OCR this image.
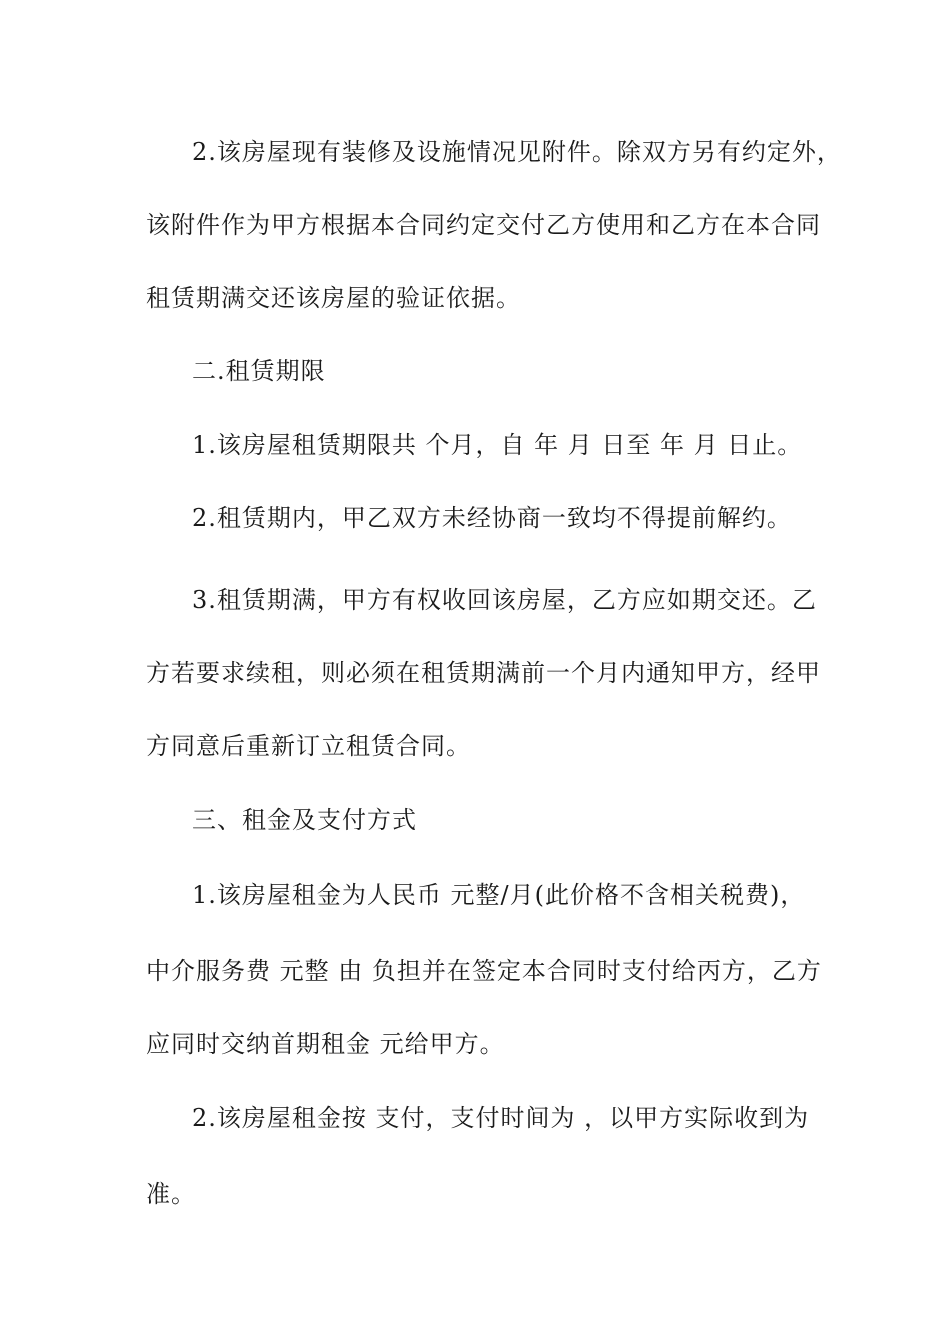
2.该房屋现有装修及设施情况见附件。除双方另有约定外，
该附件作为甲方根据本合同约定交付乙方使用和乙方在本合同
租赁期满交还该房屋的验证依据。
二.租赁期限
1.该房屋租赁期限共 个月，自 年 月 日至 年 月 日止。
2.租赁期内，甲乙双方未经协商一致均不得提前解约。
3.租赁期满，甲方有权收回该房屋，乙方应如期交还。乙
方若要求续租，则必须在租赁期满前一个月内通知甲方，经甲
方同意后重新订立租赁合同。
三、租金及支付方式
1.该房屋租金为人民币 元整/月(此价格不含相关税费)，
中介服务费 元整 由 负担并在签定本合同时支付给丙方，乙方
应同时交纳首期租金 元给甲方。
2.该房屋租金按 支付，支付时间为 ，以甲方实际收到为
准。
